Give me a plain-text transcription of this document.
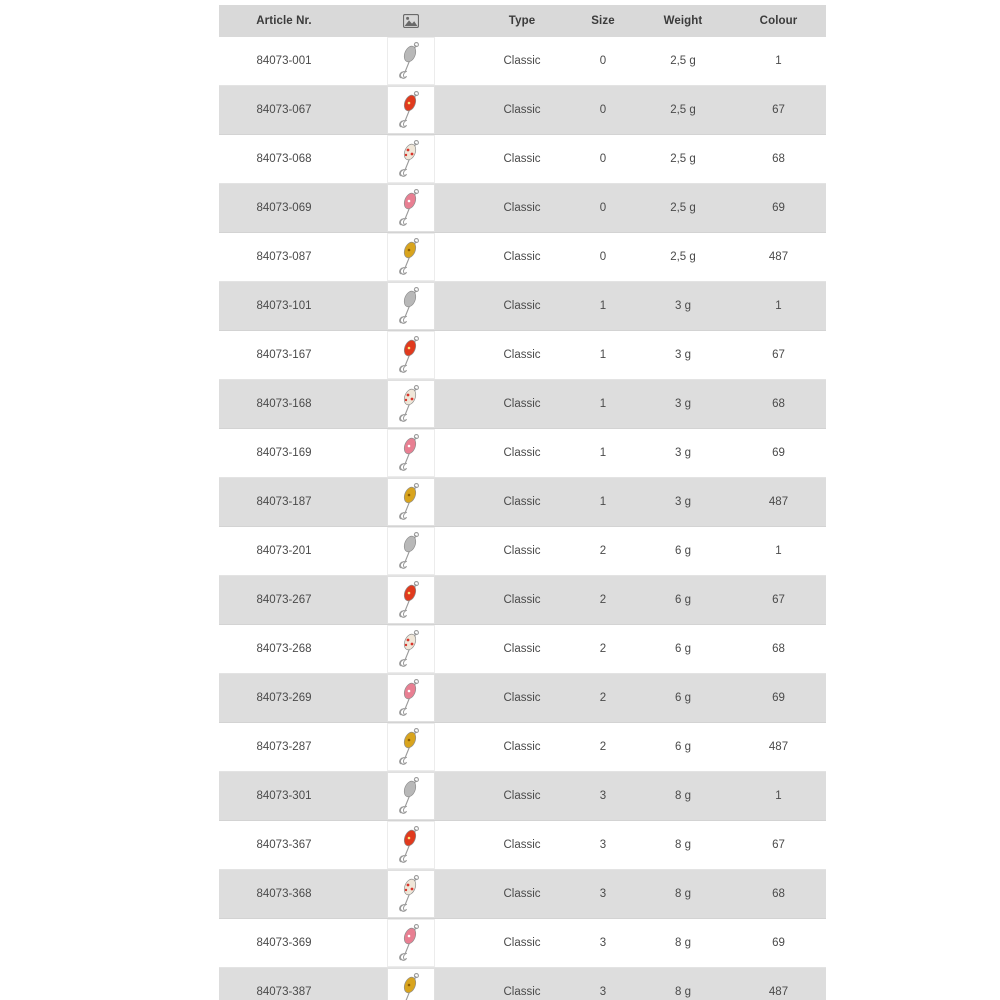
Article Nr.		Type	Size	Weight	Colour
84073-001		Classic	0	2,5 g	1
84073-067		Classic	0	2,5 g	67
84073-068		Classic	0	2,5 g	68
84073-069		Classic	0	2,5 g	69
84073-087		Classic	0	2,5 g	487
84073-101		Classic	1	3 g	1
84073-167		Classic	1	3 g	67
84073-168		Classic	1	3 g	68
84073-169		Classic	1	3 g	69
84073-187		Classic	1	3 g	487
84073-201		Classic	2	6 g	1
84073-267		Classic	2	6 g	67
84073-268		Classic	2	6 g	68
84073-269		Classic	2	6 g	69
84073-287		Classic	2	6 g	487
84073-301		Classic	3	8 g	1
84073-367		Classic	3	8 g	67
84073-368		Classic	3	8 g	68
84073-369		Classic	3	8 g	69
84073-387		Classic	3	8 g	487
